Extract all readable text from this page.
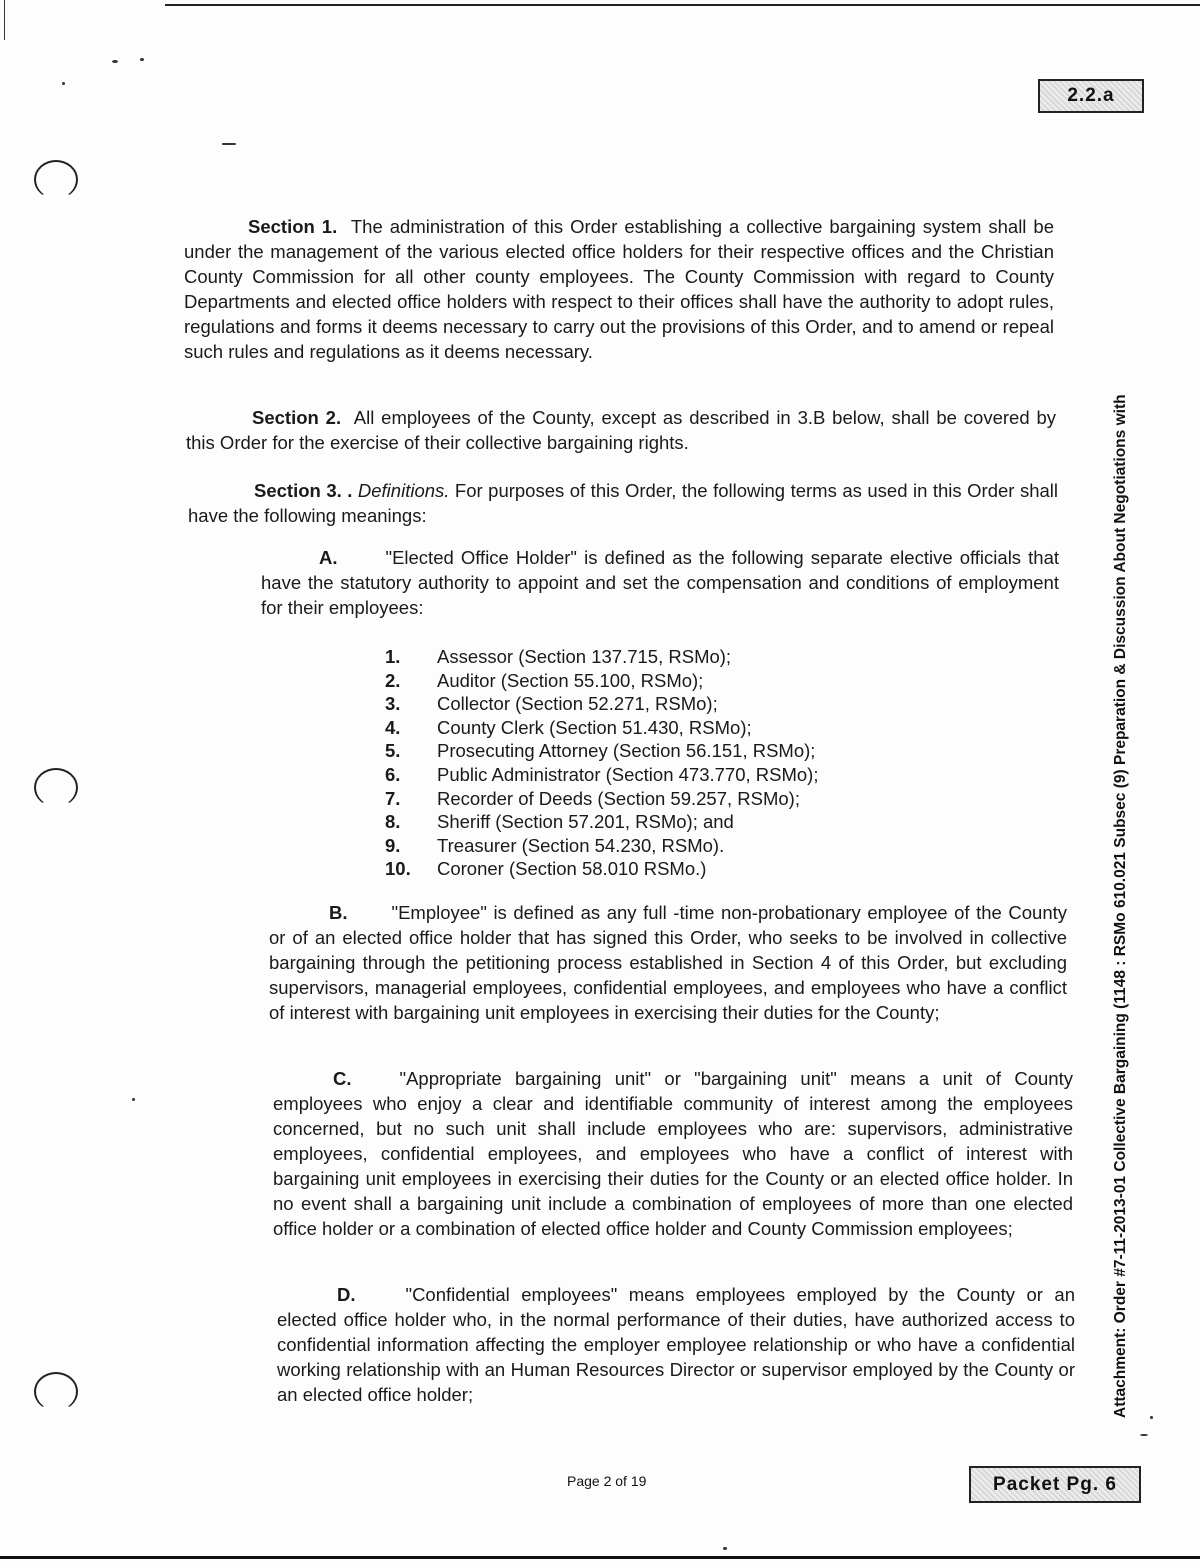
2.2.a
Attachment: Order #7-11-2013-01 Collective Bargaining (1148 : RSMo 610.021 Subsec (9) Preparation & Discussion About Negotiations with

Section 1. The administration of this Order establishing a collective bargaining system shall be under the management of the various elected office holders for their respective offices and the Christian County Commission for all other county employees. The County Commission with regard to County Departments and elected office holders with respect to their offices shall have the authority to adopt rules, regulations and forms it deems necessary to carry out the provisions of this Order, and to amend or repeal such rules and regulations as it deems necessary.

Section 2. All employees of the County, except as described in 3.B below, shall be covered by this Order for the exercise of their collective bargaining rights.

Section 3. . Definitions. For purposes of this Order, the following terms as used in this Order shall have the following meanings:

A.	"Elected Office Holder" is defined as the following separate elective officials that have the statutory authority to appoint and set the compensation and conditions of employment for their employees:

1.	Assessor (Section 137.715, RSMo);
2.	Auditor (Section 55.100, RSMo);
3.	Collector (Section 52.271, RSMo);
4.	County Clerk (Section 51.430, RSMo);
5.	Prosecuting Attorney (Section 56.151, RSMo);
6.	Public Administrator (Section 473.770, RSMo);
7.	Recorder of Deeds (Section 59.257, RSMo);
8.	Sheriff (Section 57.201, RSMo); and
9.	Treasurer (Section 54.230, RSMo).
10.	Coroner (Section 58.010 RSMo.)

B. "Employee" is defined as any full -time non-probationary employee of the County or of an elected office holder that has signed this Order, who seeks to be involved in collective bargaining through the petitioning process established in Section 4 of this Order, but excluding supervisors, managerial employees, confidential employees, and employees who have a conflict of interest with bargaining unit employees in exercising their duties for the County;

C.	"Appropriate bargaining unit" or "bargaining unit" means a unit of County employees who enjoy a clear and identifiable community of interest among the employees concerned, but no such unit shall include employees who are: supervisors, administrative employees, confidential employees, and employees who have a conflict of interest with bargaining unit employees in exercising their duties for the County or an elected office holder. In no event shall a bargaining unit include a combination of employees of more than one elected office holder or a combination of elected office holder and County Commission employees;

D.	"Confidential employees" means employees employed by the County or an elected office holder who, in the normal performance of their duties, have authorized access to confidential information affecting the employer employee relationship or who have a confidential working relationship with an Human Resources Director or supervisor employed by the County or an elected office holder;

Page 2 of 19	Packet Pg. 6
